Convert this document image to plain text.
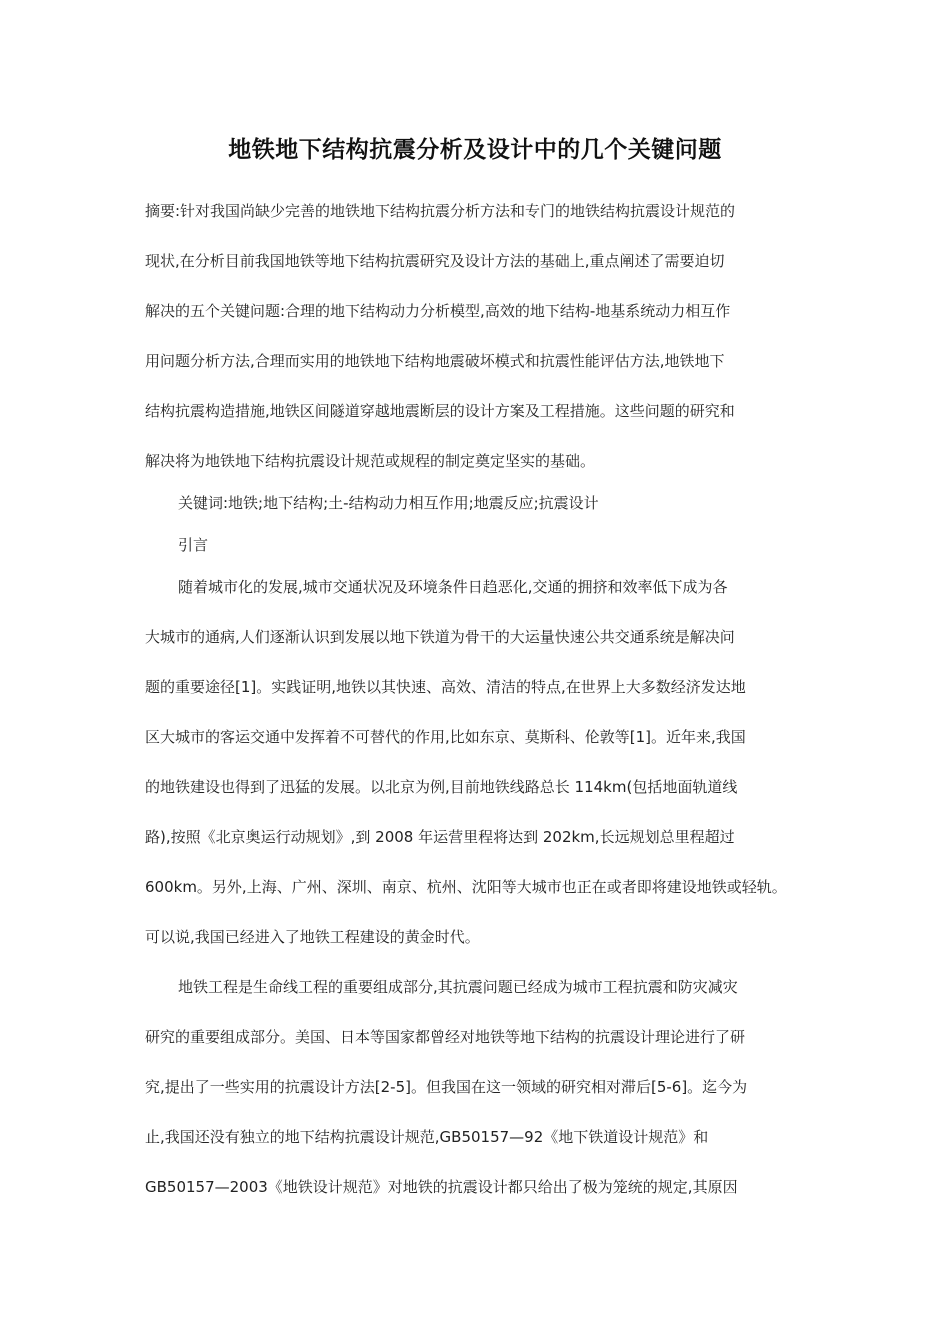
地铁地下结构抗震分析及设计中的几个关键问题
摘要:针对我国尚缺少完善的地铁地下结构抗震分析方法和专门的地铁结构抗震设计规范的
现状,在分析目前我国地铁等地下结构抗震研究及设计方法的基础上,重点阐述了需要迫切
解决的五个关键问题:合理的地下结构动力分析模型,高效的地下结构-地基系统动力相互作
用问题分析方法,合理而实用的地铁地下结构地震破坏模式和抗震性能评估方法,地铁地下
结构抗震构造措施,地铁区间隧道穿越地震断层的设计方案及工程措施。这些问题的研究和
解决将为地铁地下结构抗震设计规范或规程的制定奠定坚实的基础。
关键词:地铁;地下结构;土-结构动力相互作用;地震反应;抗震设计
引言
随着城市化的发展,城市交通状况及环境条件日趋恶化,交通的拥挤和效率低下成为各
大城市的通病,人们逐渐认识到发展以地下铁道为骨干的大运量快速公共交通系统是解决问
题的重要途径[1]。实践证明,地铁以其快速、高效、清洁的特点,在世界上大多数经济发达地
区大城市的客运交通中发挥着不可替代的作用,比如东京、莫斯科、伦敦等[1]。近年来,我国
的地铁建设也得到了迅猛的发展。以北京为例,目前地铁线路总长 114km(包括地面轨道线
路),按照《北京奥运行动规划》,到 2008 年运营里程将达到 202km,长远规划总里程超过
600km。另外,上海、广州、深圳、南京、杭州、沈阳等大城市也正在或者即将建设地铁或轻轨。
可以说,我国已经进入了地铁工程建设的黄金时代。
地铁工程是生命线工程的重要组成部分,其抗震问题已经成为城市工程抗震和防灾减灾
研究的重要组成部分。美国、日本等国家都曾经对地铁等地下结构的抗震设计理论进行了研
究,提出了一些实用的抗震设计方法[2-5]。但我国在这一领域的研究相对滞后[5-6]。迄今为
止,我国还没有独立的地下结构抗震设计规范,GB50157—92《地下铁道设计规范》和
GB50157—2003《地铁设计规范》对地铁的抗震设计都只给出了极为笼统的规定,其原因
